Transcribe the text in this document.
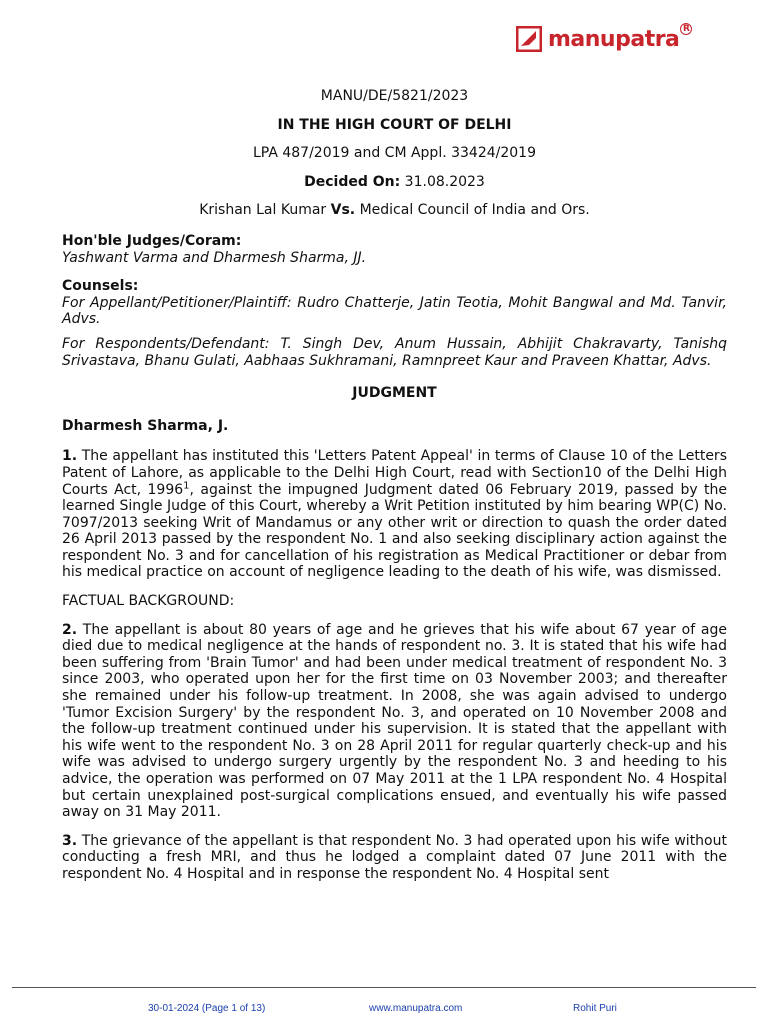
manupatra R

MANU/DE/5821/2023

IN THE HIGH COURT OF DELHI

LPA 487/2019 and CM Appl. 33424/2019

Decided On: 31.08.2023

Krishan Lal Kumar Vs. Medical Council of India and Ors.

Hon'ble Judges/Coram:
Yashwant Varma and Dharmesh Sharma, JJ.
Counsels:
For Appellant/Petitioner/Plaintiff: Rudro Chatterje, Jatin Teotia, Mohit Bangwal and Md. Tanvir, Advs.

For Respondents/Defendant: T. Singh Dev, Anum Hussain, Abhijit Chakravarty, Tanishq Srivastava, Bhanu Gulati, Aabhaas Sukhramani, Ramnpreet Kaur and Praveen Khattar, Advs.

JUDGMENT

Dharmesh Sharma, J.

1. The appellant has instituted this 'Letters Patent Appeal' in terms of Clause 10 of the Letters Patent of Lahore, as applicable to the Delhi High Court, read with Section10 of the Delhi High Courts Act, 1996$^1$, against the impugned Judgment dated 06 February 2019, passed by the learned Single Judge of this Court, whereby a Writ Petition instituted by him bearing WP(C) No. 7097/2013 seeking Writ of Mandamus or any other writ or direction to quash the order dated 26 April 2013 passed by the respondent No. 1 and also seeking disciplinary action against the respondent No. 3 and for cancellation of his registration as Medical Practitioner or debar from his medical practice on account of negligence leading to the death of his wife, was dismissed.

FACTUAL BACKGROUND:

2. The appellant is about 80 years of age and he grieves that his wife about 67 year of age died due to medical negligence at the hands of respondent no. 3. It is stated that his wife had been suffering from 'Brain Tumor' and had been under medical treatment of respondent No. 3 since 2003, who operated upon her for the first time on 03 November 2003; and thereafter she remained under his follow-up treatment. In 2008, she was again advised to undergo 'Tumor Excision Surgery' by the respondent No. 3, and operated on 10 November 2008 and the follow-up treatment continued under his supervision. It is stated that the appellant with his wife went to the respondent No. 3 on 28 April 2011 for regular quarterly check-up and his wife was advised to undergo surgery urgently by the respondent No. 3 and heeding to his advice, the operation was performed on 07 May 2011 at the 1 LPA respondent No. 4 Hospital but certain unexplained post-surgical complications ensued, and eventually his wife passed away on 31 May 2011.

3. The grievance of the appellant is that respondent No. 3 had operated upon his wife without conducting a fresh MRI, and thus he lodged a complaint dated 07 June 2011 with the respondent No. 4 Hospital and in response the respondent No. 4 Hospital sent

30-01-2024 (Page 1 of 13)	www.manupatra.com	Rohit Puri
